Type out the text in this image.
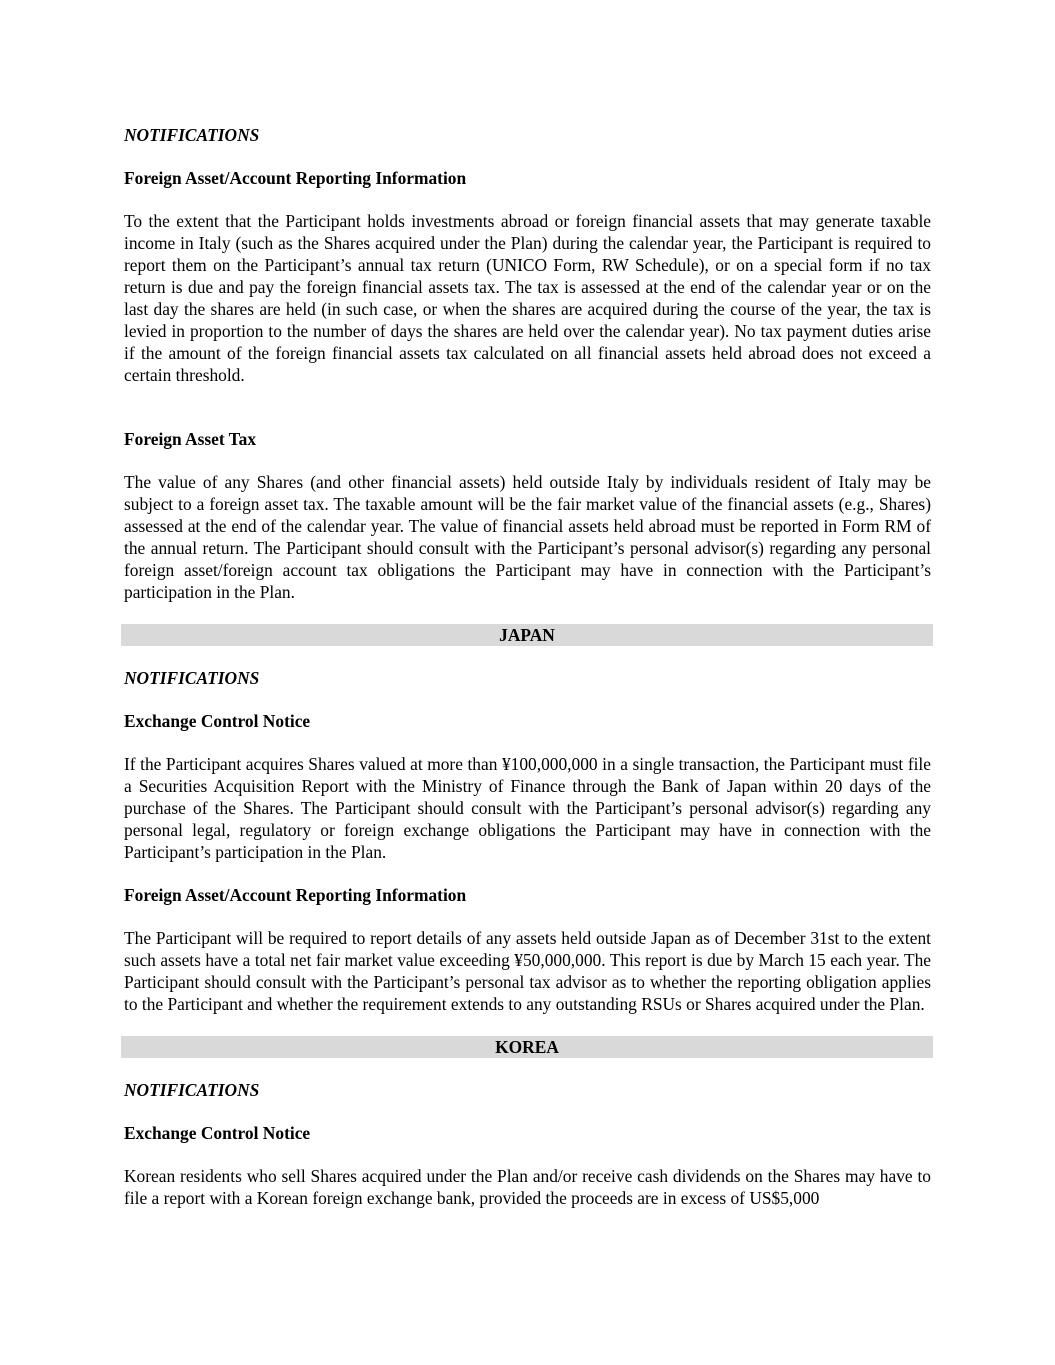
NOTIFICATIONS

Foreign Asset/Account Reporting Information

To the extent that the Participant holds investments abroad or foreign financial assets that may generate taxable income in Italy (such as the Shares acquired under the Plan) during the calendar year, the Participant is required to report them on the Participant’s annual tax return (UNICO Form, RW Schedule), or on a special form if no tax return is due and pay the foreign financial assets tax. The tax is assessed at the end of the calendar year or on the last day the shares are held (in such case, or when the shares are acquired during the course of the year, the tax is levied in proportion to the number of days the shares are held over the calendar year). No tax payment duties arise if the amount of the foreign financial assets tax calculated on all financial assets held abroad does not exceed a certain threshold.

Foreign Asset Tax

The value of any Shares (and other financial assets) held outside Italy by individuals resident of Italy may be subject to a foreign asset tax. The taxable amount will be the fair market value of the financial assets (e.g., Shares) assessed at the end of the calendar year. The value of financial assets held abroad must be reported in Form RM of the annual return. The Participant should consult with the Participant’s personal advisor(s) regarding any personal foreign asset/foreign account tax obligations the Participant may have in connection with the Participant’s participation in the Plan.

JAPAN

NOTIFICATIONS

Exchange Control Notice

If the Participant acquires Shares valued at more than ¥100,000,000 in a single transaction, the Participant must file a Securities Acquisition Report with the Ministry of Finance through the Bank of Japan within 20 days of the purchase of the Shares. The Participant should consult with the Participant’s personal advisor(s) regarding any personal legal, regulatory or foreign exchange obligations the Participant may have in connection with the Participant’s participation in the Plan.

Foreign Asset/Account Reporting Information

The Participant will be required to report details of any assets held outside Japan as of December 31st to the extent such assets have a total net fair market value exceeding ¥50,000,000. This report is due by March 15 each year. The Participant should consult with the Participant’s personal tax advisor as to whether the reporting obligation applies to the Participant and whether the requirement extends to any outstanding RSUs or Shares acquired under the Plan.

KOREA

NOTIFICATIONS

Exchange Control Notice

Korean residents who sell Shares acquired under the Plan and/or receive cash dividends on the Shares may have to file a report with a Korean foreign exchange bank, provided the proceeds are in excess of US$5,000
